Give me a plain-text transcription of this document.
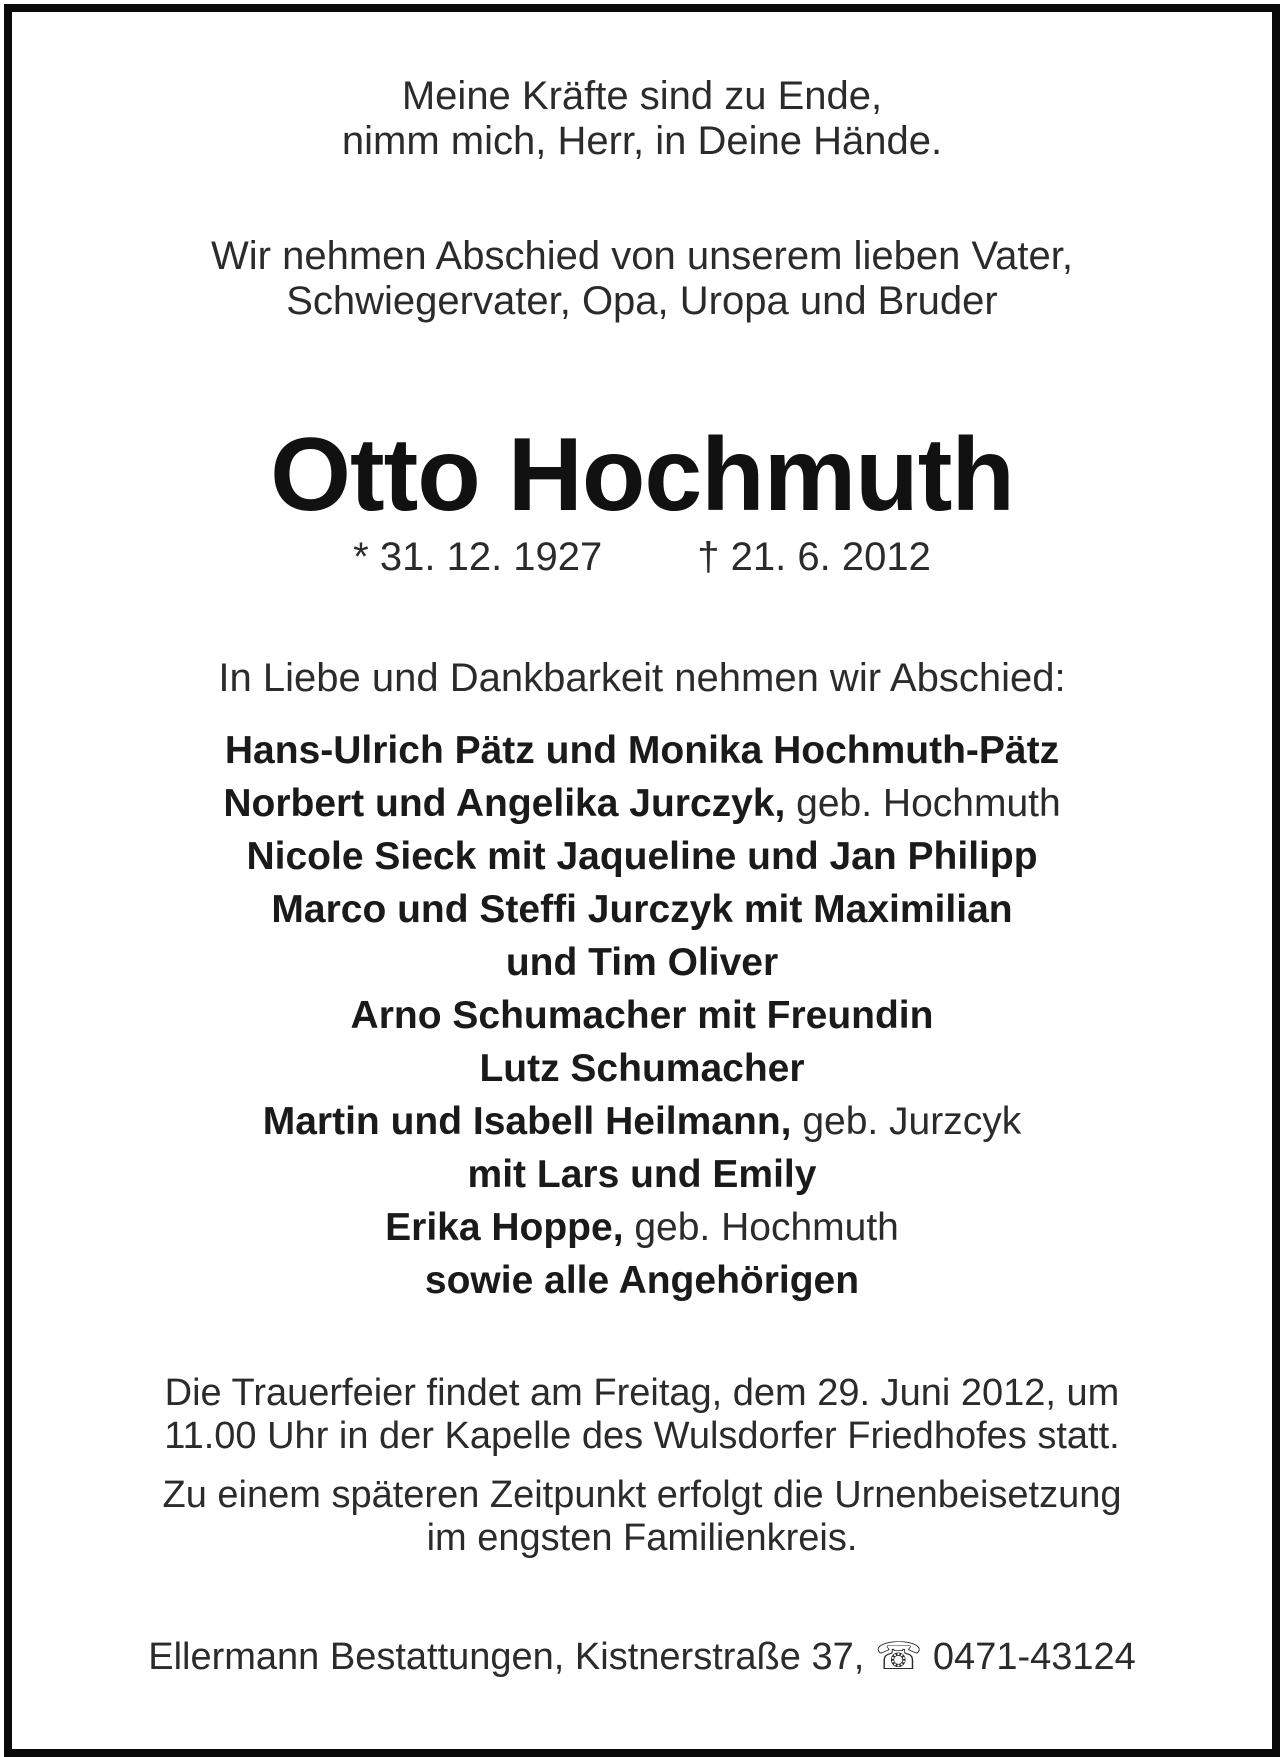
Meine Kräfte sind zu Ende,
nimm mich, Herr, in Deine Hände.
Wir nehmen Abschied von unserem lieben Vater,
Schwiegervater, Opa, Uropa und Bruder
Otto Hochmuth
* 31. 12. 1927 † 21. 6. 2012
In Liebe und Dankbarkeit nehmen wir Abschied:
Hans-Ulrich Pätz und Monika Hochmuth-Pätz
Norbert und Angelika Jurczyk, geb. Hochmuth
Nicole Sieck mit Jaqueline und Jan Philipp
Marco und Steffi Jurczyk mit Maximilian
und Tim Oliver
Arno Schumacher mit Freundin
Lutz Schumacher
Martin und Isabell Heilmann, geb. Jurzcyk
mit Lars und Emily
Erika Hoppe, geb. Hochmuth
sowie alle Angehörigen
Die Trauerfeier findet am Freitag, dem 29. Juni 2012, um
11.00 Uhr in der Kapelle des Wulsdorfer Friedhofes statt.
Zu einem späteren Zeitpunkt erfolgt die Urnenbeisetzung
im engsten Familienkreis.
Ellermann Bestattungen, Kistnerstraße 37, ☏ 0471-43124
